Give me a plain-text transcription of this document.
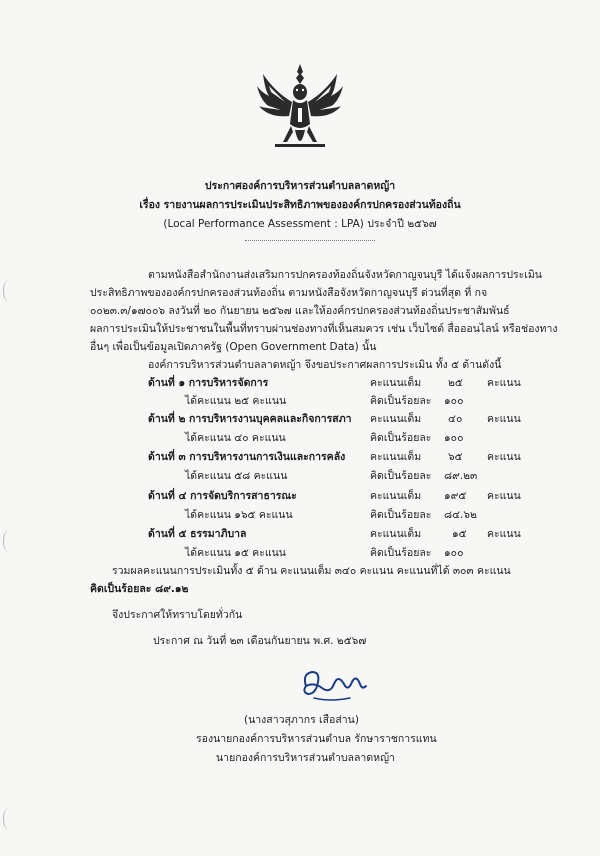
ประกาศองค์การบริหารส่วนตำบลลาดหญ้า
เรื่อง รายงานผลการประเมินประสิทธิภาพขององค์กรปกครองส่วนท้องถิ่น
(Local Performance Assessment : LPA) ประจำปี ๒๕๖๗
ตามหนังสือสำนักงานส่งเสริมการปกครองท้องถิ่นจังหวัดกาญจนบุรี ได้แจ้งผลการประเมิน
ประสิทธิภาพขององค์กรปกครองส่วนท้องถิ่น ตามหนังสือจังหวัดกาญจนบุรี ด่วนที่สุด ที่ กจ
๐๐๒๓.๓/๑๗๐๐๖ ลงวันที่ ๒๐ กันยายน ๒๕๖๗ และให้องค์กรปกครองส่วนท้องถิ่นประชาสัมพันธ์
ผลการประเมินให้ประชาชนในพื้นที่ทราบผ่านช่องทางที่เห็นสมควร เช่น เว็บไซต์ สื่อออนไลน์ หรือช่องทาง
อื่นๆ เพื่อเป็นข้อมูลเปิดภาครัฐ (Open Government Data) นั้น
องค์การบริหารส่วนตำบลลาดหญ้า จึงขอประกาศผลการประเมิน ทั้ง ๕ ด้านดังนี้
ด้านที่ ๑ การบริหารจัดการ	คะแนนเต็ม	๒๕ คะแนน
ได้คะแนน ๒๕ คะแนน	คิดเป็นร้อยละ ๑๐๐
ด้านที่ ๒ การบริหารงานบุคคลและกิจการสภา คะแนนเต็ม	๔๐ คะแนน
ได้คะแนน ๔๐ คะแนน	คิดเป็นร้อยละ ๑๐๐
ด้านที่ ๓ การบริหารงานการเงินและการคลัง คะแนนเต็ม	๖๕ คะแนน
ได้คะแนน ๕๘ คะแนน	คิดเป็นร้อยละ ๘๙.๒๓
ด้านที่ ๔ การจัดบริการสาธารณะ	คะแนนเต็ม ๑๙๕ คะแนน
ได้คะแนน ๑๖๕ คะแนน	คิดเป็นร้อยละ ๘๔.๖๒
ด้านที่ ๕ ธรรมาภิบาล	คะแนนเต็ม	๑๕ คะแนน
ได้คะแนน ๑๕ คะแนน	คิดเป็นร้อยละ ๑๐๐
รวมผลคะแนนการประเมินทั้ง ๕ ด้าน คะแนนเต็ม ๓๔๐ คะแนน คะแนนที่ได้ ๓๐๓ คะแนน
คิดเป็นร้อยละ ๘๙.๑๒
จึงประกาศให้ทราบโดยทั่วกัน
ประกาศ ณ วันที่ ๒๓ เดือนกันยายน พ.ศ. ๒๕๖๗
(นางสาวสุภากร เสือส่าน)
รองนายกองค์การบริหารส่วนตำบล รักษาราชการแทน
นายกองค์การบริหารส่วนตำบลลาดหญ้า
